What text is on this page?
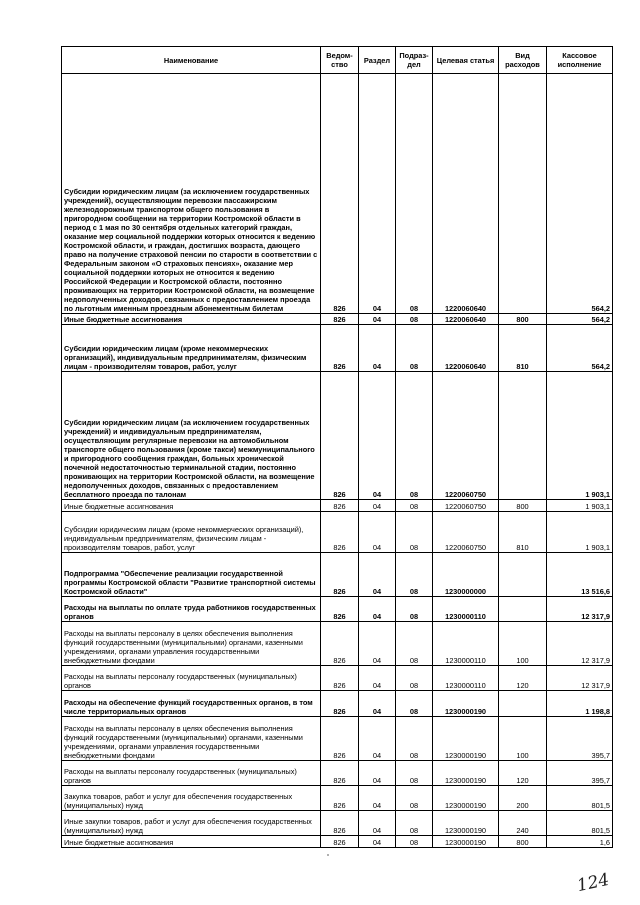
Наименование	Ведом-ство	Раздел	Подраз-дел	Целевая статья	Вид расходов	Кассовое исполнение
Субсидии юридическим лицам (за исключением государственных учреждений), осуществляющим перевозки пассажирским железнодорожным транспортом общего пользования в пригородном сообщении на территории Костромской области в период с 1 мая по 30 сентября отдельных категорий граждан, оказание мер социальной поддержки которых относится к ведению Костромской области, и граждан, достигших возраста, дающего право на получение страховой пенсии по старости в соответствии с Федеральным законом «О страховых пенсиях», оказание мер социальной поддержки которых не относится к ведению Российской Федерации и Костромской области, постоянно проживающих на территории Костромской области, на возмещение недополученных доходов, связанных с предоставлением проезда по льготным именным проездным абонементным билетам	826	04	08	1220060640		564,2
Иные бюджетные ассигнования	826	04	08	1220060640	800	564,2
Субсидии юридическим лицам (кроме некоммерческих организаций), индивидуальным предпринимателям, физическим лицам - производителям товаров, работ, услуг	826	04	08	1220060640	810	564,2
Субсидии юридическим лицам (за исключением государственных учреждений) и индивидуальным предпринимателям, осуществляющим регулярные перевозки на автомобильном транспорте общего пользования (кроме такси) межмуниципального и пригородного сообщения граждан, больных хронической почечной недостаточностью терминальной стадии, постоянно проживающих на территории Костромской области, на возмещение недополученных доходов, связанных с предоставлением бесплатного проезда по талонам	826	04	08	1220060750		1 903,1
Иные бюджетные ассигнования	826	04	08	1220060750	800	1 903,1
Субсидии юридическим лицам (кроме некоммерческих организаций), индивидуальным предпринимателям, физическим лицам - производителям товаров, работ, услуг	826	04	08	1220060750	810	1 903,1
Подпрограмма "Обеспечение реализации государственной программы Костромской области "Развитие транспортной системы Костромской области"	826	04	08	1230000000		13 516,6
Расходы на выплаты по оплате труда работников государственных органов	826	04	08	1230000110		12 317,9
Расходы на выплаты персоналу в целях обеспечения выполнения функций государственными (муниципальными) органами, казенными учреждениями, органами управления государственными внебюджетными фондами	826	04	08	1230000110	100	12 317,9
Расходы на выплаты персоналу государственных (муниципальных) органов	826	04	08	1230000110	120	12 317,9
Расходы на обеспечение функций государственных органов, в том числе территориальных органов	826	04	08	1230000190		1 198,8
Расходы на выплаты персоналу в целях обеспечения выполнения функций государственными (муниципальными) органами, казенными учреждениями, органами управления государственными внебюджетными фондами	826	04	08	1230000190	100	395,7
Расходы на выплаты персоналу государственных (муниципальных) органов	826	04	08	1230000190	120	395,7
Закупка товаров, работ и услуг для обеспечения государственных (муниципальных) нужд	826	04	08	1230000190	200	801,5
Иные закупки товаров, работ и услуг для обеспечения государственных (муниципальных) нужд	826	04	08	1230000190	240	801,5
Иные бюджетные ассигнования	826	04	08	1230000190	800	1,6
124
